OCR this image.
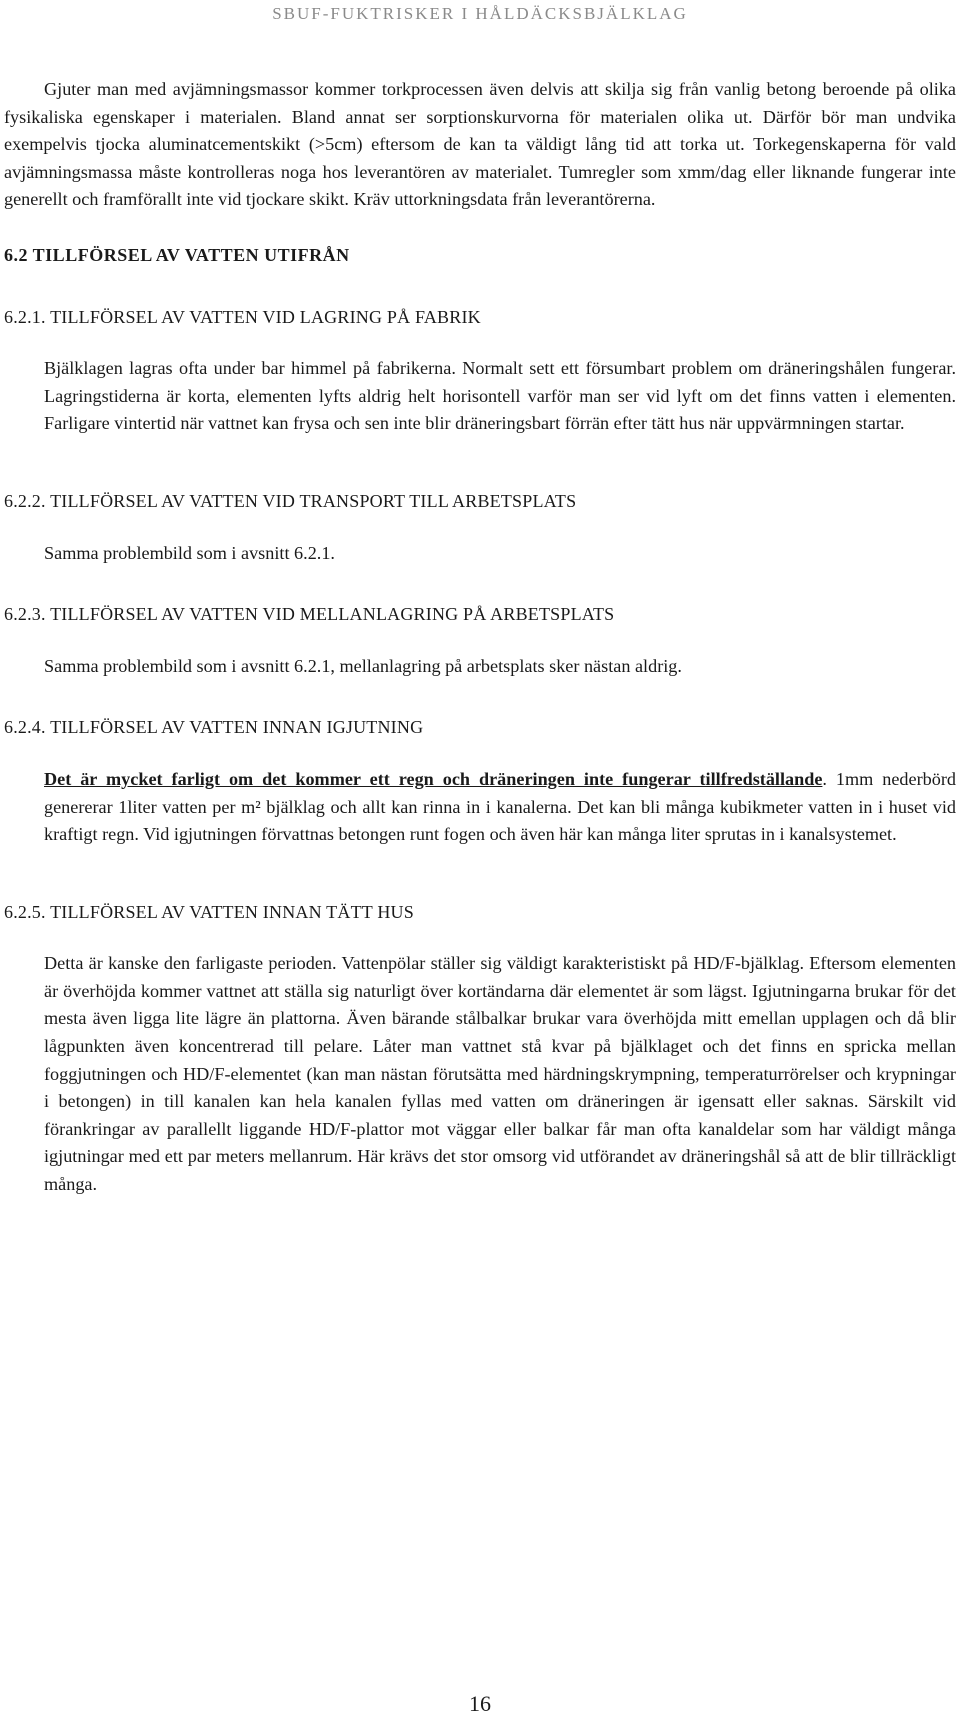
SBUF-FUKTRISKER I HÅLDÄCKSBJÄLKLAG

Gjuter man med avjämningsmassor kommer torkprocessen även delvis att skilja sig från vanlig betong beroende på olika fysikaliska egenskaper i materialen. Bland annat ser sorptionskurvorna för materialen olika ut. Därför bör man undvika exempelvis tjocka aluminatcementskikt (>5cm) eftersom de kan ta väldigt lång tid att torka ut. Torkegenskaperna för vald avjämningsmassa måste kontrolleras noga hos leverantören av materialet. Tumregler som xmm/dag eller liknande fungerar inte generellt och framförallt inte vid tjockare skikt. Kräv uttorkningsdata från leverantörerna.

6.2 TILLFÖRSEL AV VATTEN UTIFRÅN

6.2.1. TILLFÖRSEL AV VATTEN VID LAGRING PÅ FABRIK

Bjälklagen lagras ofta under bar himmel på fabrikerna. Normalt sett ett försumbart problem om dräneringshålen fungerar. Lagringstiderna är korta, elementen lyfts aldrig helt horisontell varför man ser vid lyft om det finns vatten i elementen. Farligare vintertid när vattnet kan frysa och sen inte blir dräneringsbart förrän efter tätt hus när uppvärmningen startar.

6.2.2. TILLFÖRSEL AV VATTEN VID TRANSPORT TILL ARBETSPLATS

Samma problembild som i avsnitt 6.2.1.

6.2.3. TILLFÖRSEL AV VATTEN VID MELLANLAGRING PÅ ARBETSPLATS

Samma problembild som i avsnitt 6.2.1, mellanlagring på arbetsplats sker nästan aldrig.

6.2.4. TILLFÖRSEL AV VATTEN INNAN IGJUTNING

Det är mycket farligt om det kommer ett regn och dräneringen inte fungerar tillfredställande. 1mm nederbörd genererar 1liter vatten per m² bjälklag och allt kan rinna in i kanalerna. Det kan bli många kubikmeter vatten in i huset vid kraftigt regn. Vid igjutningen förvattnas betongen runt fogen och även här kan många liter sprutas in i kanalsystemet.

6.2.5. TILLFÖRSEL AV VATTEN INNAN TÄTT HUS

Detta är kanske den farligaste perioden. Vattenpölar ställer sig väldigt karakteristiskt på HD/F-bjälklag. Eftersom elementen är överhöjda kommer vattnet att ställa sig naturligt över kortändarna där elementet är som lägst. Igjutningarna brukar för det mesta även ligga lite lägre än plattorna. Även bärande stålbalkar brukar vara överhöjda mitt emellan upplagen och då blir lågpunkten även koncentrerad till pelare. Låter man vattnet stå kvar på bjälklaget och det finns en spricka mellan foggjutningen och HD/F-elementet (kan man nästan förutsätta med härdningskrympning, temperaturrörelser och krypningar i betongen) in till kanalen kan hela kanalen fyllas med vatten om dräneringen är igensatt eller saknas. Särskilt vid förankringar av parallellt liggande HD/F-plattor mot väggar eller balkar får man ofta kanaldelar som har väldigt många igjutningar med ett par meters mellanrum. Här krävs det stor omsorg vid utförandet av dräneringshål så att de blir tillräckligt många.

16
